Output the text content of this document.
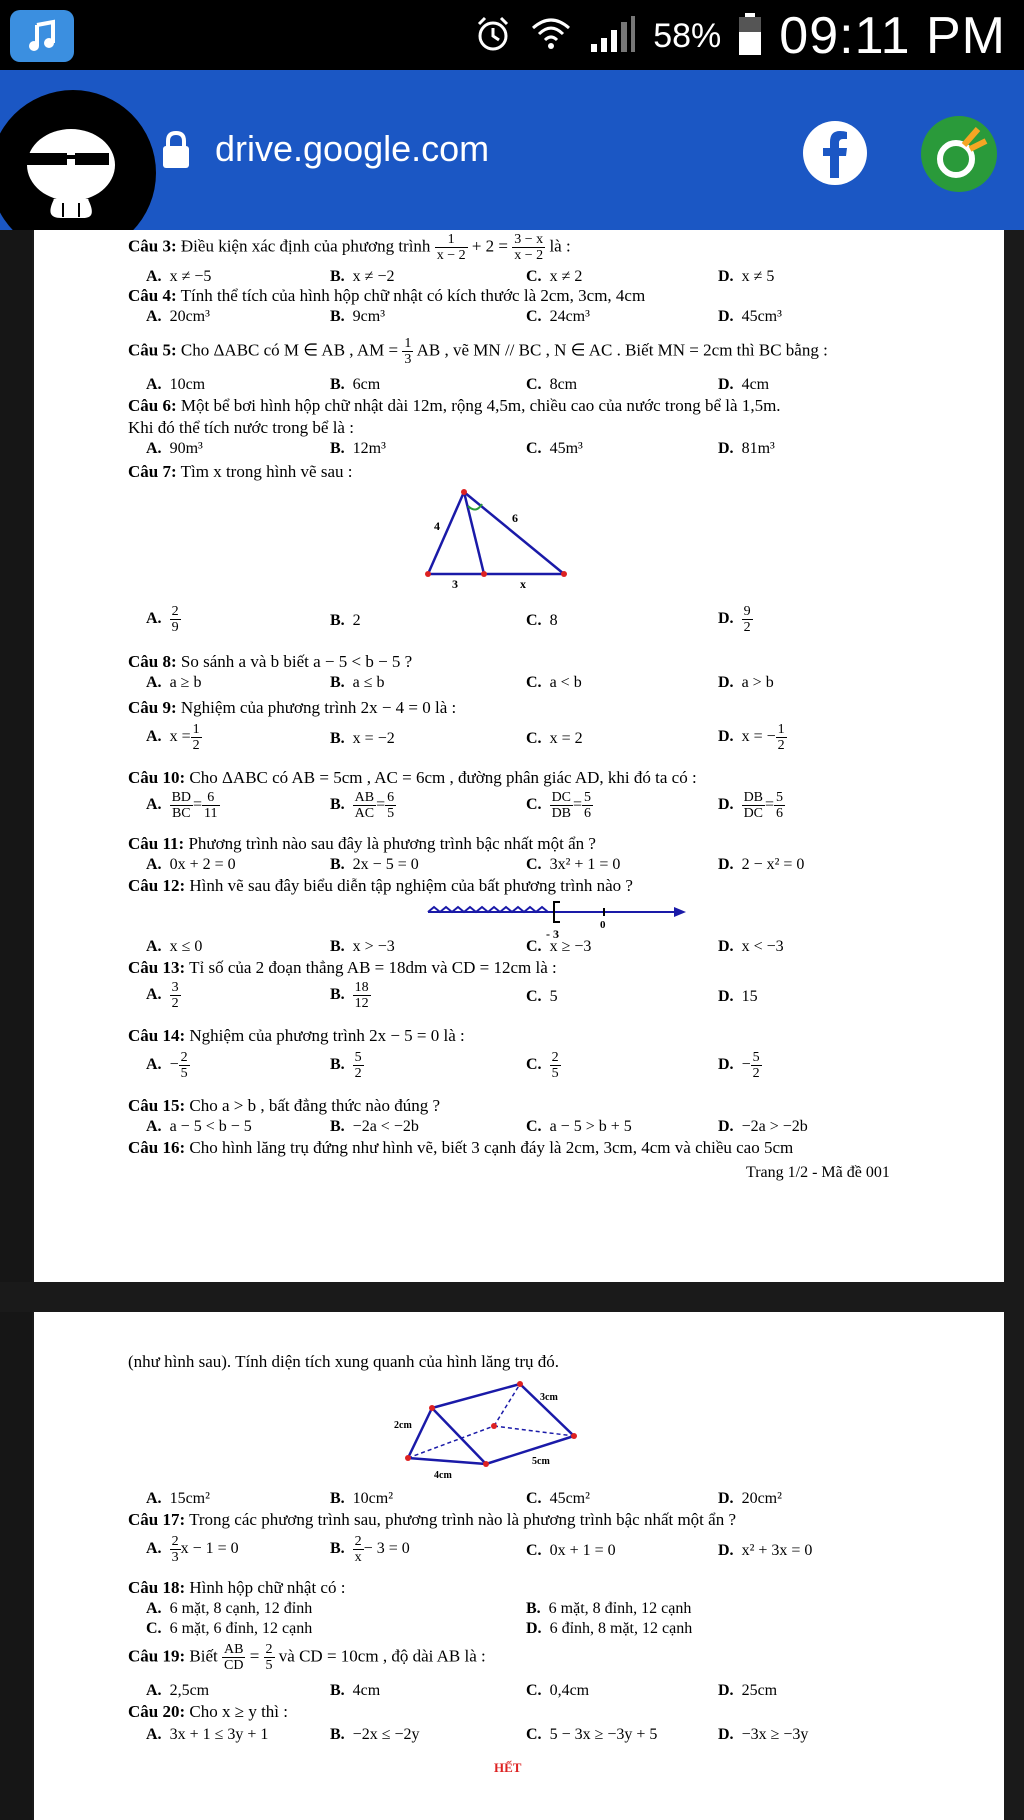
58% 09:11 PM
drive.google.com
Câu 3: Điều kiện xác định của phương trình $\frac{1}{x - 2} + 2 = \frac{3 - x}{x - 2}$ là :
A. x ≠ −5	B. x ≠ −2	C. x ≠ 2	D. x ≠ 5
Câu 4: Tính thể tích của hình hộp chữ nhật có kích thước là 2cm, 3cm, 4cm
A. 20cm³	B. 9cm³	C. 24cm³	D. 45cm³
Câu 5: Cho ΔABC có M ∈ AB , AM = $\frac{1}{3}$ AB , vẽ MN // BC , N ∈ AC . Biết MN = 2cm thì BC bằng :
A. 10cm	B. 6cm	C. 8cm	D. 4cm
Câu 6: Một bể bơi hình hộp chữ nhật dài 12m, rộng 4,5m, chiều cao của nước trong bể là 1,5m.
Khi đó thể tích nước trong bể là :
A. 90m³	B. 12m³	C. 45m³	D. 81m³
Câu 7: Tìm x trong hình vẽ sau :
4
6
3	x
A. $\frac{2}{9}$	B. 2	C. 8	D. $\frac{9}{2}$
Câu 8: So sánh a và b biết a − 5 < b − 5 ?
A. a ≥ b	B. a ≤ b	C. a < b	D. a > b
Câu 9: Nghiệm của phương trình 2x − 4 = 0 là :
A. $x = \frac{1}{2}$	B. x = −2	C. x = 2	D. x = − $\frac{1}{2}$
Câu 10: Cho ΔABC có AB = 5cm , AC = 6cm , đường phân giác AD, khi đó ta có :
A. $\frac{BD}{BC} = \frac{6}{11}$	B. $\frac{AB}{AC} = \frac{6}{5}$	C. $\frac{DC}{DB} = \frac{5}{6}$	D. $\frac{DB}{DC} = \frac{5}{6}$
Câu 11: Phương trình nào sau đây là phương trình bậc nhất một ẩn ?
A. 0x + 2 = 0	B. 2x − 5 = 0	C. 3x² + 1 = 0	D. 2 − x² = 0
Câu 12: Hình vẽ sau đây biểu diễn tập nghiệm của bất phương trình nào ?
- 3
0
A. x ≤ 0	B. x > −3	C. x ≥ −3	D. x < −3
Câu 13: Tỉ số của 2 đoạn thẳng AB = 18dm và CD = 12cm là :
A. $\frac{3}{2}$	B. $\frac{18}{12}$	C. 5	D. 15
Câu 14: Nghiệm của phương trình 2x − 5 = 0 là :
A. − $\frac{2}{5}$	B. $\frac{5}{2}$	C. $\frac{2}{5}$	D. − $\frac{5}{2}$
Câu 15: Cho a > b , bất đẳng thức nào đúng ?
A. a − 5 < b − 5	B. −2a < −2b	C. a − 5 > b + 5	D. −2a > −2b
Câu 16: Cho hình lăng trụ đứng như hình vẽ, biết 3 cạnh đáy là 2cm, 3cm, 4cm và chiều cao 5cm
Trang 1/2 - Mã đề 001
(như hình sau). Tính diện tích xung quanh của hình lăng trụ đó.
3cm
2cm
5cm
4cm
A. 15cm²	B. 10cm²	C. 45cm²	D. 20cm²
Câu 17: Trong các phương trình sau, phương trình nào là phương trình bậc nhất một ẩn ?
A. $\frac{2}{3}$ x − 1 = 0	B. $\frac{2}{x} - 3 = 0$	C. 0x + 1 = 0	D. x² + 3x = 0
Câu 18: Hình hộp chữ nhật có :
A. 6 mặt, 8 cạnh, 12 đỉnh	B. 6 mặt, 8 đỉnh, 12 cạnh
C. 6 mặt, 6 đỉnh, 12 cạnh	D. 6 đỉnh, 8 mặt, 12 cạnh
Câu 19: Biết $\frac{AB}{CD} = \frac{2}{5}$ và CD = 10cm , độ dài AB là :
A. 2,5cm	B. 4cm	C. 0,4cm	D. 25cm
Câu 20: Cho x ≥ y thì :
A. 3x + 1 ≤ 3y + 1	B. −2x ≤ −2y	C. 5 − 3x ≥ −3y + 5	D. −3x ≥ −3y
HẾT
